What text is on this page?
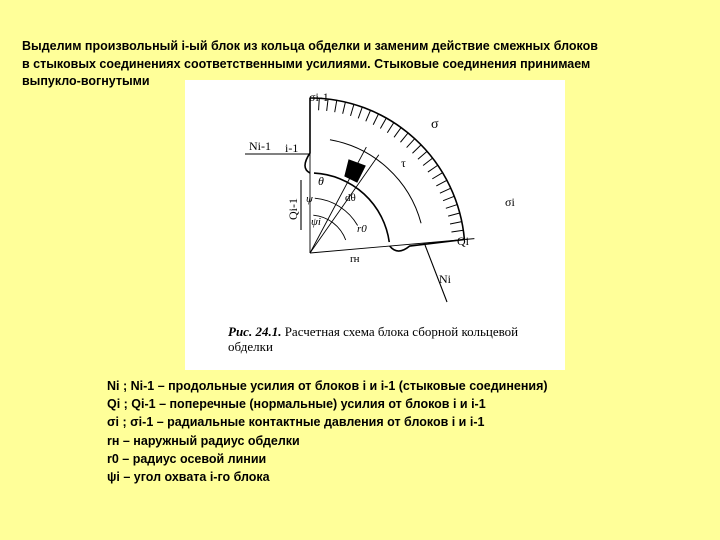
Выделим произвольный i-ый блок из кольца обделки и заменим действие смежных блоков
в стыковых соединениях соответственными усилиями. Стыковые соединения принимаем
выпукло-вогнутыми

σi-1
σ
σi
Ni-1 i-1
Qi-1
Qi
Ni
τ
θ
dθ
ψ
ψi
r0
rн

Рис. 24.1. Расчетная схема блока сборной кольцевой
обделки

Ni ; Ni-1 – продольные усилия от блоков i и i-1 (стыковые соединения)
Qi ; Qi-1 – поперечные (нормальные) усилия от блоков i и i-1
σi ; σi-1 – радиальные контактные давления от блоков i и i-1
rн – наружный радиус обделки
r0 – радиус осевой линии
ψi – угол охвата i-го блока
